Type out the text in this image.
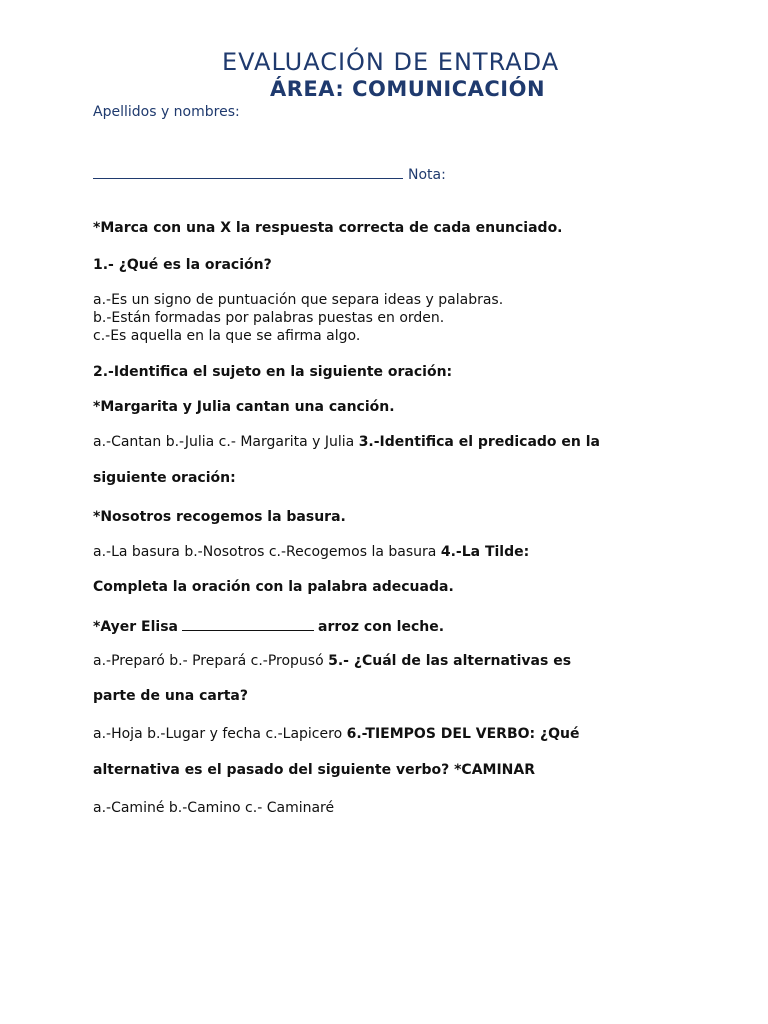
EVALUACIÓN DE ENTRADA
ÁREA: COMUNICACIÓN
Apellidos y nombres:
Nota:
*Marca con una X la respuesta correcta de cada enunciado.
1.- ¿Qué es la oración?
a.-Es un signo de puntuación que separa ideas y palabras.
b.-Están formadas por palabras puestas en orden.
c.-Es aquella en la que se afirma algo.
2.-Identifica el sujeto en la siguiente oración:
*Margarita y Julia cantan una canción.
a.-Cantan b.-Julia c.- Margarita y Julia 3.-Identifica el predicado en la
siguiente oración:
*Nosotros recogemos la basura.
a.-La basura b.-Nosotros c.-Recogemos la basura 4.-La Tilde:
Completa la oración con la palabra adecuada.
*Ayer Elisa	arroz con leche.
a.-Preparó b.- Prepará c.-Propusó 5.- ¿Cuál de las alternativas es
parte de una carta?
a.-Hoja b.-Lugar y fecha c.-Lapicero 6.-TIEMPOS DEL VERBO: ¿Qué
alternativa es el pasado del siguiente verbo? *CAMINAR
a.-Caminé b.-Camino c.- Caminaré
